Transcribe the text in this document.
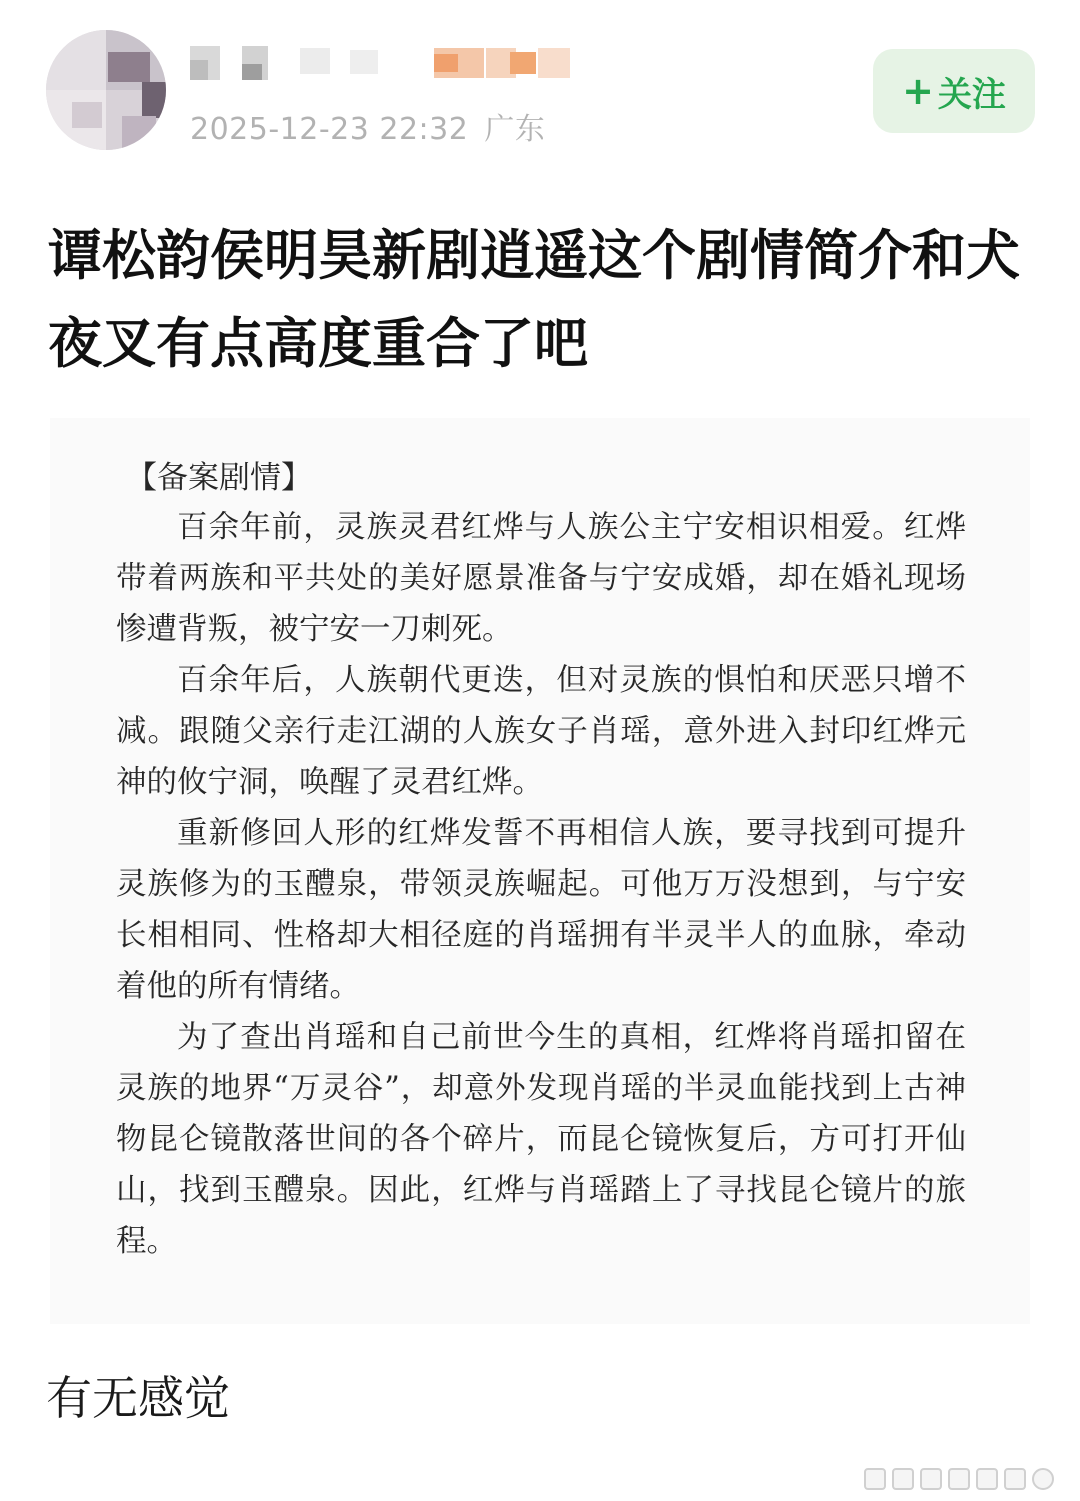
2025-12-23 22:32 广东
+ 关注
谭松韵侯明昊新剧逍遥这个剧情简介和犬夜叉有点高度重合了吧
【备案剧情】

百余年前，灵族灵君红烨与人族公主宁安相识相爱。红烨带着两族和平共处的美好愿景准备与宁安成婚，却在婚礼现场惨遭背叛，被宁安一刀刺死。

百余年后，人族朝代更迭，但对灵族的惧怕和厌恶只增不减。跟随父亲行走江湖的人族女子肖瑶，意外进入封印红烨元神的攸宁洞，唤醒了灵君红烨。

重新修回人形的红烨发誓不再相信人族，要寻找到可提升灵族修为的玉醴泉，带领灵族崛起。可他万万没想到，与宁安长相相同、性格却大相径庭的肖瑶拥有半灵半人的血脉，牵动着他的所有情绪。

为了查出肖瑶和自己前世今生的真相，红烨将肖瑶扣留在灵族的地界“万灵谷”，却意外发现肖瑶的半灵血能找到上古神物昆仑镜散落世间的各个碎片，而昆仑镜恢复后，方可打开仙山，找到玉醴泉。因此，红烨与肖瑶踏上了寻找昆仑镜片的旅程。

有无感觉
